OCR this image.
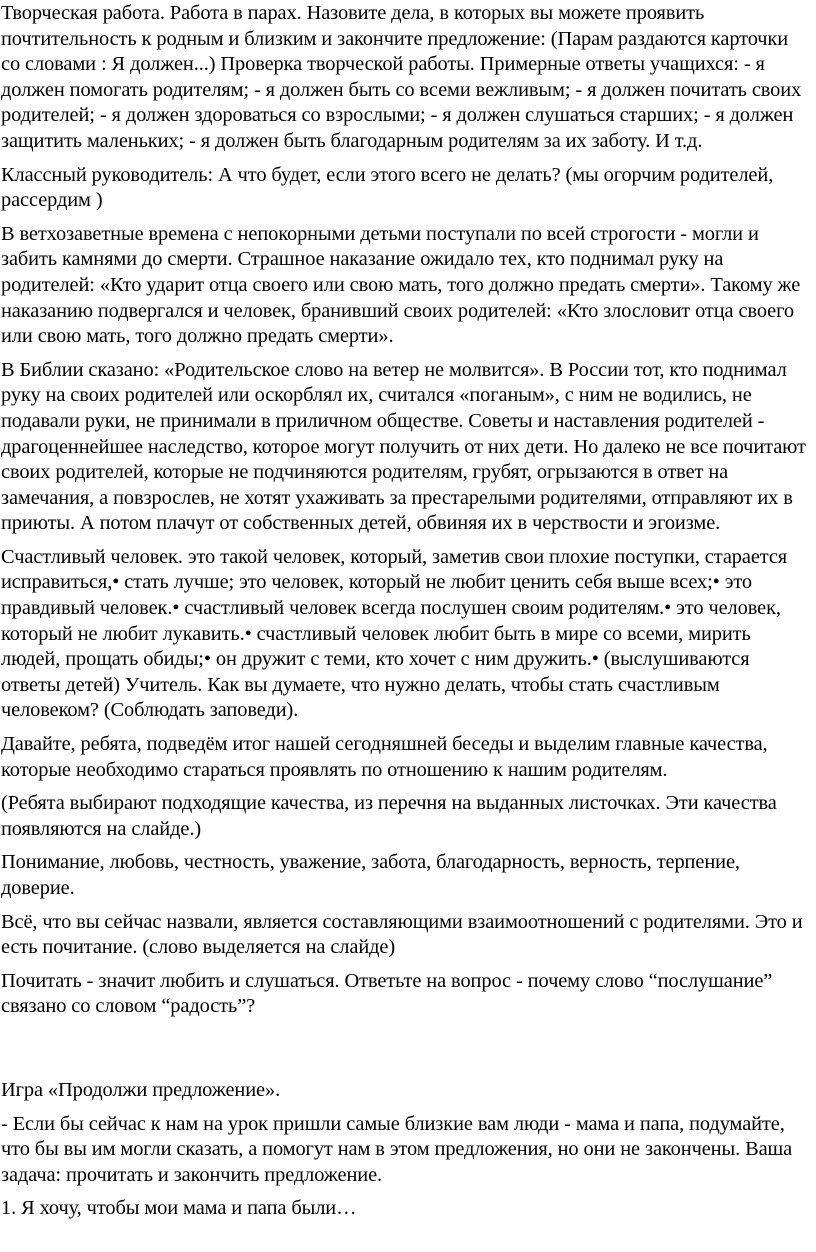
Творческая работа. Работа в парах. Назовите дела, в которых вы можете проявить почтительность к родным и близким и закончите предложение: (Парам раздаются карточки со словами : Я должен...) Проверка творческой работы. Примерные ответы учащихся: - я должен помогать родителям; - я должен быть со всеми вежливым; - я должен почитать своих родителей; - я должен здороваться со взрослыми; - я должен слушаться старших; - я должен защитить маленьких; - я должен быть благодарным родителям за их заботу. И т.д.

Классный руководитель: А что будет, если этого всего не делать? (мы огорчим родителей, рассердим )

В ветхозаветные времена с непокорными детьми поступали по всей строгости - могли и забить камнями до смерти. Страшное наказание ожидало тех, кто поднимал руку на родителей: «Кто ударит отца своего или свою мать, того должно предать смерти». Такому же наказанию подвергался и человек, бранивший своих родителей: «Кто злословит отца своего или свою мать, того должно предать смерти».

В Библии сказано: «Родительское слово на ветер не молвится». В России тот, кто поднимал руку на своих родителей или оскорблял их, считался «поганым», с ним не водились, не подавали руки, не принимали в приличном обществе. Советы и наставления родителей - драгоценнейшее наследство, которое могут получить от них дети. Но далеко не все почитают своих родителей, которые не подчиняются родителям, грубят, огрызаются в ответ на замечания, а повзрослев, не хотят ухаживать за престарелыми родителями, отправляют их в приюты. А потом плачут от собственных детей, обвиняя их в черствости и эгоизме.

Счастливый человек. это такой человек, который, заметив свои плохие поступки, старается исправиться,• стать лучше; это человек, который не любит ценить себя выше всех;• это правдивый человек.• счастливый человек всегда послушен своим родителям.• это человек, который не любит лукавить.• счастливый человек любит быть в мире со всеми, мирить людей, прощать обиды;• он дружит с теми, кто хочет с ним дружить.• (выслушиваются ответы детей) Учитель. Как вы думаете, что нужно делать, чтобы стать счастливым человеком? (Соблюдать заповеди).

Давайте, ребята, подведём итог нашей сегодняшней беседы и выделим главные качества, которые необходимо стараться проявлять по отношению к нашим родителям.

(Ребята выбирают подходящие качества, из перечня на выданных листочках. Эти качества появляются на слайде.)

Понимание, любовь, честность, уважение, забота, благодарность, верность, терпение, доверие.

Всё, что вы сейчас назвали, является составляющими взаимоотношений с родителями. Это и есть почитание. (слово выделяется на слайде)

Почитать - значит любить и слушаться. Ответьте на вопрос - почему слово “послушание” связано со словом “радость”?

Игра «Продолжи предложение».

- Если бы сейчас к нам на урок пришли самые близкие вам люди - мама и папа, подумайте, что бы вы им могли сказать, а помогут нам в этом предложения, но они не закончены. Ваша задача: прочитать и закончить предложение.

1. Я хочу, чтобы мои мама и папа были…
